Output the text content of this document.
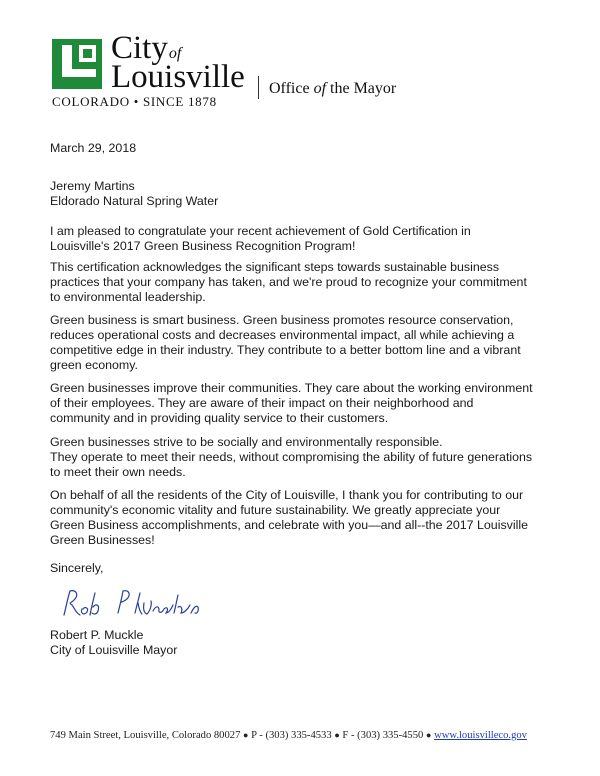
Cityof
Louisville
COLORADO • SINCE 1878
Office of the Mayor
March 29, 2018
Jeremy Martins
Eldorado Natural Spring Water
I am pleased to congratulate your recent achievement of Gold Certification in
Louisville's 2017 Green Business Recognition Program!
This certification acknowledges the significant steps towards sustainable business
practices that your company has taken, and we're proud to recognize your commitment
to environmental leadership.
Green business is smart business. Green business promotes resource conservation,
reduces operational costs and decreases environmental impact, all while achieving a
competitive edge in their industry. They contribute to a better bottom line and a vibrant
green economy.
Green businesses improve their communities. They care about the working environment
of their employees. They are aware of their impact on their neighborhood and
community and in providing quality service to their customers.
Green businesses strive to be socially and environmentally responsible.
They operate to meet their needs, without compromising the ability of future generations
to meet their own needs.
On behalf of all the residents of the City of Louisville, I thank you for contributing to our
community's economic vitality and future sustainability. We greatly appreciate your
Green Business accomplishments, and celebrate with you—and all--the 2017 Louisville
Green Businesses!
Sincerely,
Robert P. Muckle
City of Louisville Mayor
749 Main Street, Louisville, Colorado 80027 ● P - (303) 335-4533 ● F - (303) 335-4550 ● www.louisvilleco.gov
